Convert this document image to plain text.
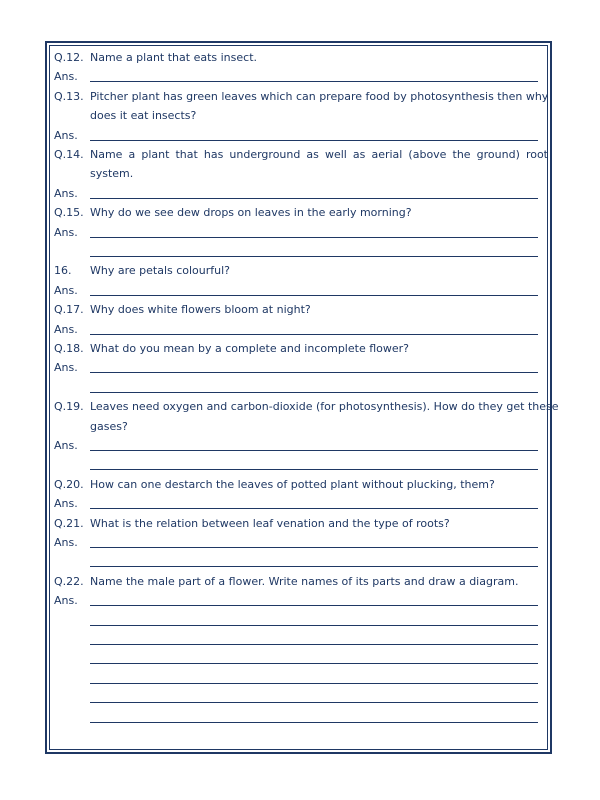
Q.12. Name a plant that eats insect.
Ans.
Q.13. Pitcher plant has green leaves which can prepare food by photosynthesis then why
does it eat insects?
Ans.
Q.14. Name a plant that has underground as well as aerial (above the ground) root
system.
Ans.
Q.15. Why do we see dew drops on leaves in the early morning?
Ans.
16. Why are petals colourful?
Ans.
Q.17. Why does white flowers bloom at night?
Ans.
Q.18. What do you mean by a complete and incomplete flower?
Ans.
Q.19. Leaves need oxygen and carbon-dioxide (for photosynthesis). How do they get these
gases?
Ans.
Q.20. How can one destarch the leaves of potted plant without plucking, them?
Ans.
Q.21. What is the relation between leaf venation and the type of roots?
Ans.
Q.22. Name the male part of a flower. Write names of its parts and draw a diagram.
Ans.
